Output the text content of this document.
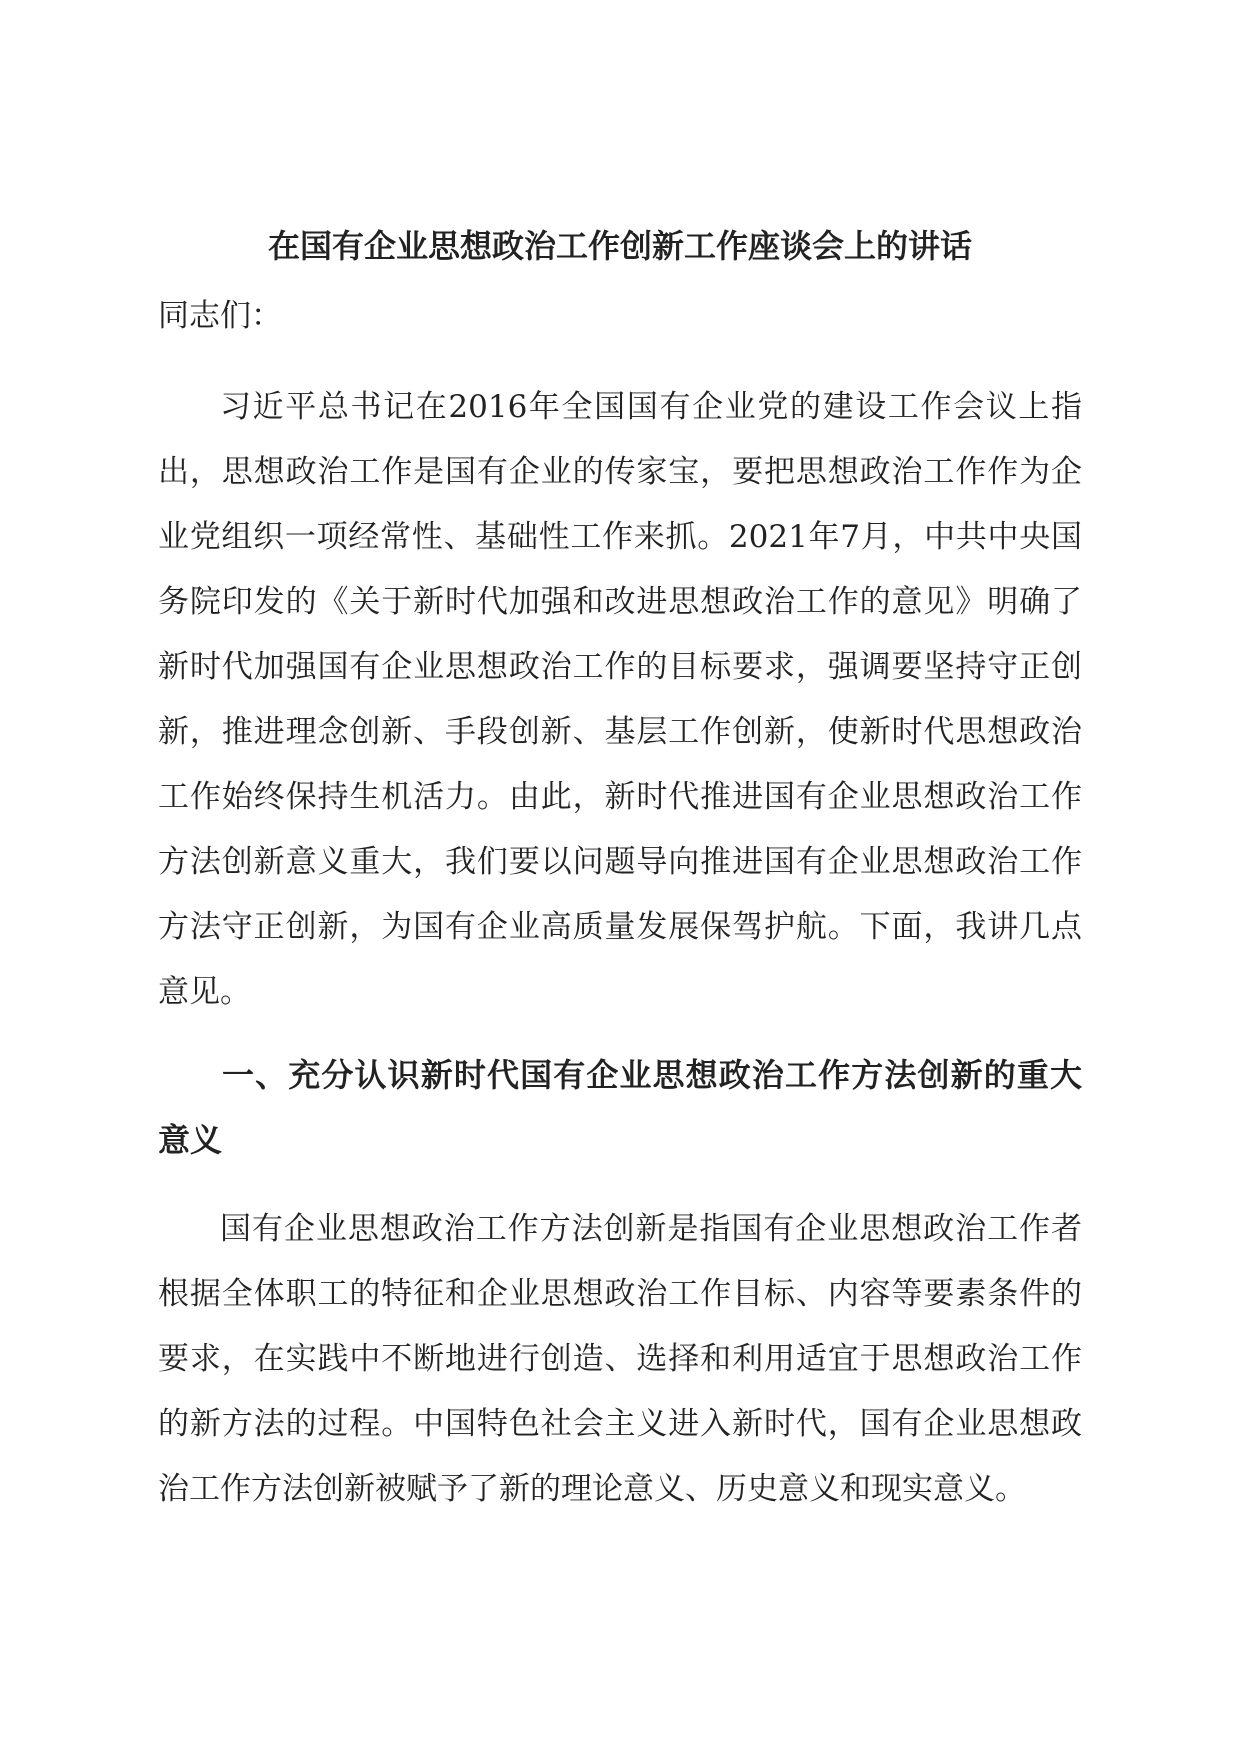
在国有企业思想政治工作创新工作座谈会上的讲话

同志们：

习近平总书记在2016年全国国有企业党的建设工作会议上指出，思想政治工作是国有企业的传家宝，要把思想政治工作作为企业党组织一项经常性、基础性工作来抓。2021年7月，中共中央国务院印发的《关于新时代加强和改进思想政治工作的意见》明确了新时代加强国有企业思想政治工作的目标要求，强调要坚持守正创新，推进理念创新、手段创新、基层工作创新，使新时代思想政治工作始终保持生机活力。由此，新时代推进国有企业思想政治工作方法创新意义重大，我们要以问题导向推进国有企业思想政治工作方法守正创新，为国有企业高质量发展保驾护航。下面，我讲几点意见。

一、充分认识新时代国有企业思想政治工作方法创新的重大意义

国有企业思想政治工作方法创新是指国有企业思想政治工作者根据全体职工的特征和企业思想政治工作目标、内容等要素条件的要求，在实践中不断地进行创造、选择和利用适宜于思想政治工作的新方法的过程。中国特色社会主义进入新时代，国有企业思想政治工作方法创新被赋予了新的理论意义、历史意义和现实意义。
